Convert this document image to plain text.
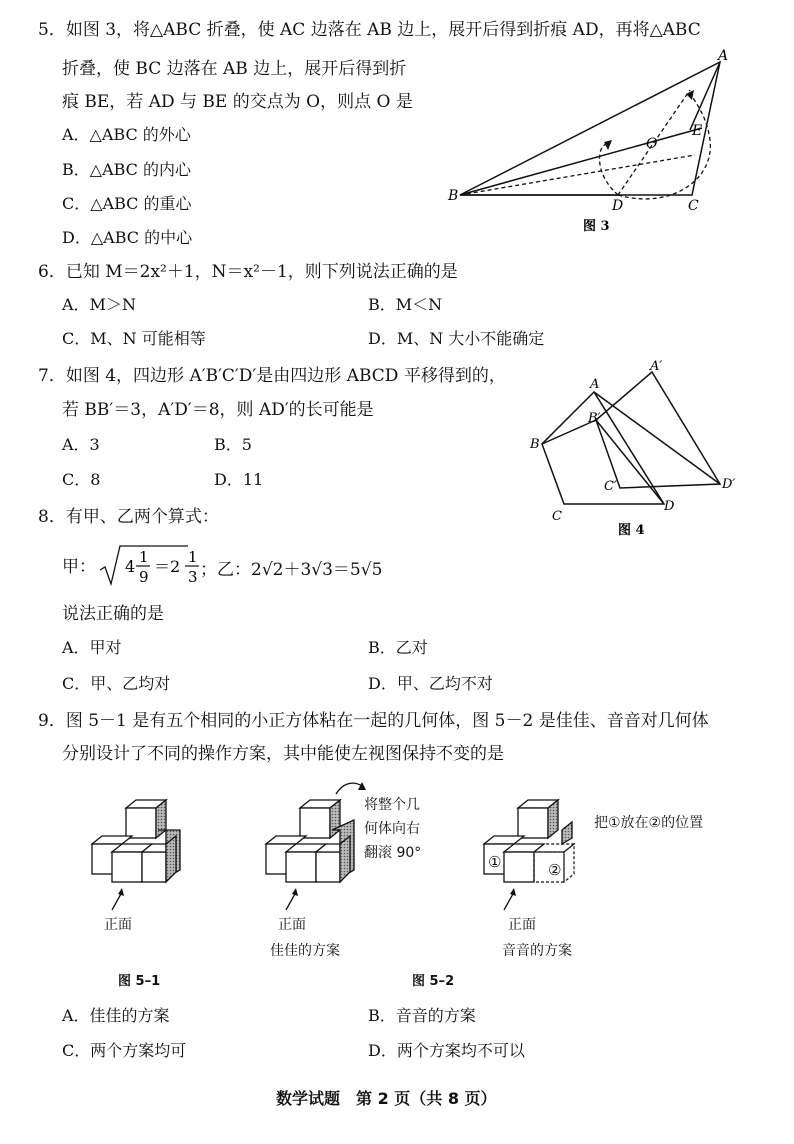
5．如图 3，将△ABC 折叠，使 AC 边落在 AB 边上，展开后得到折痕 AD，再将△ABC
折叠，使 BC 边落在 AB 边上，展开后得到折
痕 BE，若 AD 与 BE 的交点为 O，则点 O 是
A．△ABC 的外心
B．△ABC 的内心
C．△ABC 的重心
D．△ABC 的中心
A
B
C
D
E
O
图 3
6．已知 M＝2x²＋1，N＝x²－1，则下列说法正确的是
A．M＞N	B．M＜N
C．M、N 可能相等	D．M、N 大小不能确定
7．如图 4，四边形 A′B′C′D′是由四边形 ABCD 平移得到的，
若 BB′＝3，A′D′＝8，则 AD′的长可能是
A．3	B．5
C．8	D．11
A
A′
B
B′
C
C′
D
D′
图 4
8．有甲、乙两个算式：
甲： 4 1
9
＝2 1
3 ；乙：2√2＋3√3＝5√5
说法正确的是
A．甲对	B．乙对
C．甲、乙均对	D．甲、乙均不对
9．图 5－1 是有五个相同的小正方体粘在一起的几何体，图 5－2 是佳佳、音音对几何体
分别设计了不同的操作方案，其中能使左视图保持不变的是
正面
图 5–1
将整个几
何体向右
翻滚 90°
正面
佳佳的方案
①	②
把①放在②的位置
正面
音音的方案
图 5–2
A．佳佳的方案	B．音音的方案
C．两个方案均可	D．两个方案均不可以
数学试题　第 2 页（共 8 页）
